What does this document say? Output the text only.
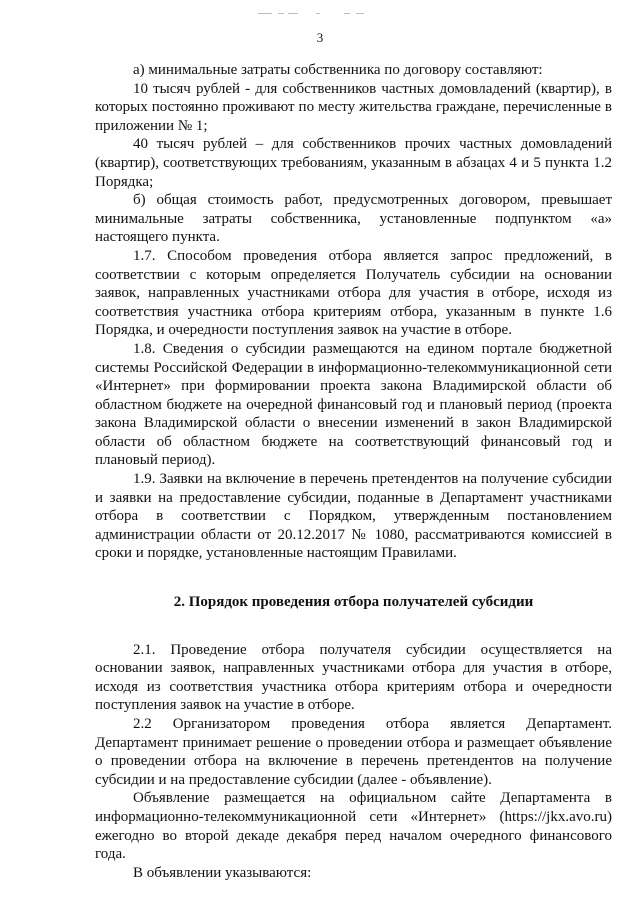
3

а) минимальные затраты собственника по договору составляют:

10 тысяч рублей - для собственников частных домовладений (квартир), в которых постоянно проживают по месту жительства граждане, перечисленные в приложении № 1;

40 тысяч рублей – для собственников прочих частных домовладений (квартир), соответствующих требованиям, указанным в абзацах 4 и 5 пункта 1.2 Порядка;

б) общая стоимость работ, предусмотренных договором, превышает минимальные затраты собственника, установленные подпунктом «а» настоящего пункта.

1.7. Способом проведения отбора является запрос предложений, в соответствии с которым определяется Получатель субсидии на основании заявок, направленных участниками отбора для участия в отборе, исходя из соответствия участника отбора критериям отбора, указанным в пункте 1.6 Порядка, и очередности поступления заявок на участие в отборе.

1.8. Сведения о субсидии размещаются на едином портале бюджетной системы Российской Федерации в информационно-телекоммуникационной сети «Интернет» при формировании проекта закона Владимирской области об областном бюджете на очередной финансовый год и плановый период (проекта закона Владимирской области о внесении изменений в закон Владимирской области об областном бюджете на соответствующий финансовый год и плановый период).

1.9. Заявки на включение в перечень претендентов на получение субсидии и заявки на предоставление субсидии, поданные в Департамент участниками отбора в соответствии с Порядком, утвержденным постановлением администрации области от 20.12.2017 № 1080, рассматриваются комиссией в сроки и порядке, установленные настоящим Правилами.

2. Порядок проведения отбора получателей субсидии

2.1. Проведение отбора получателя субсидии осуществляется на основании заявок, направленных участниками отбора для участия в отборе, исходя из соответствия участника отбора критериям отбора и очередности поступления заявок на участие в отборе.

2.2 Организатором проведения отбора является Департамент. Департамент принимает решение о проведении отбора и размещает объявление о проведении отбора на включение в перечень претендентов на получение субсидии и на предоставление субсидии (далее - объявление).

Объявление размещается на официальном сайте Департамента в информационно-телекоммуникационной сети «Интернет» (https://jkx.avo.ru) ежегодно во второй декаде декабря перед началом очередного финансового года.

В объявлении указываются:
